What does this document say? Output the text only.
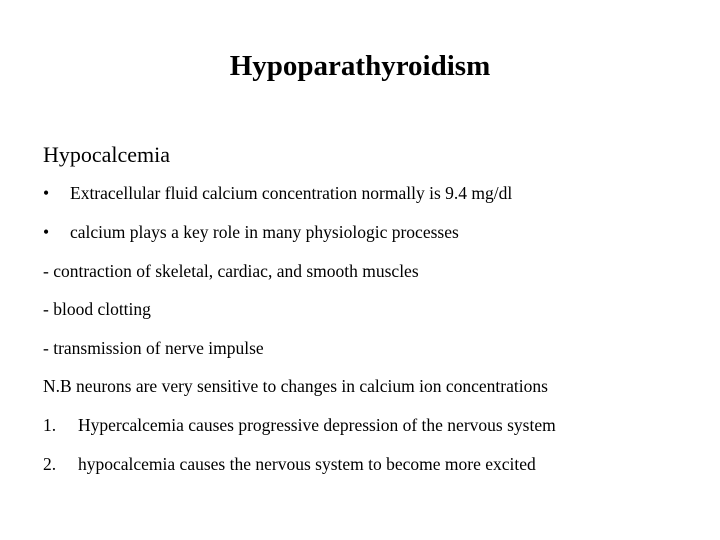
Hypoparathyroidism

Hypocalcemia

• Extracellular fluid calcium concentration normally is 9.4 mg/dl

• calcium plays a key role in many physiologic processes

- contraction of skeletal, cardiac, and smooth muscles

- blood clotting

- transmission of nerve impulse

N.B neurons are very sensitive to changes in calcium ion concentrations

1. Hypercalcemia causes progressive depression of the nervous system

2. hypocalcemia causes the nervous system to become more excited
